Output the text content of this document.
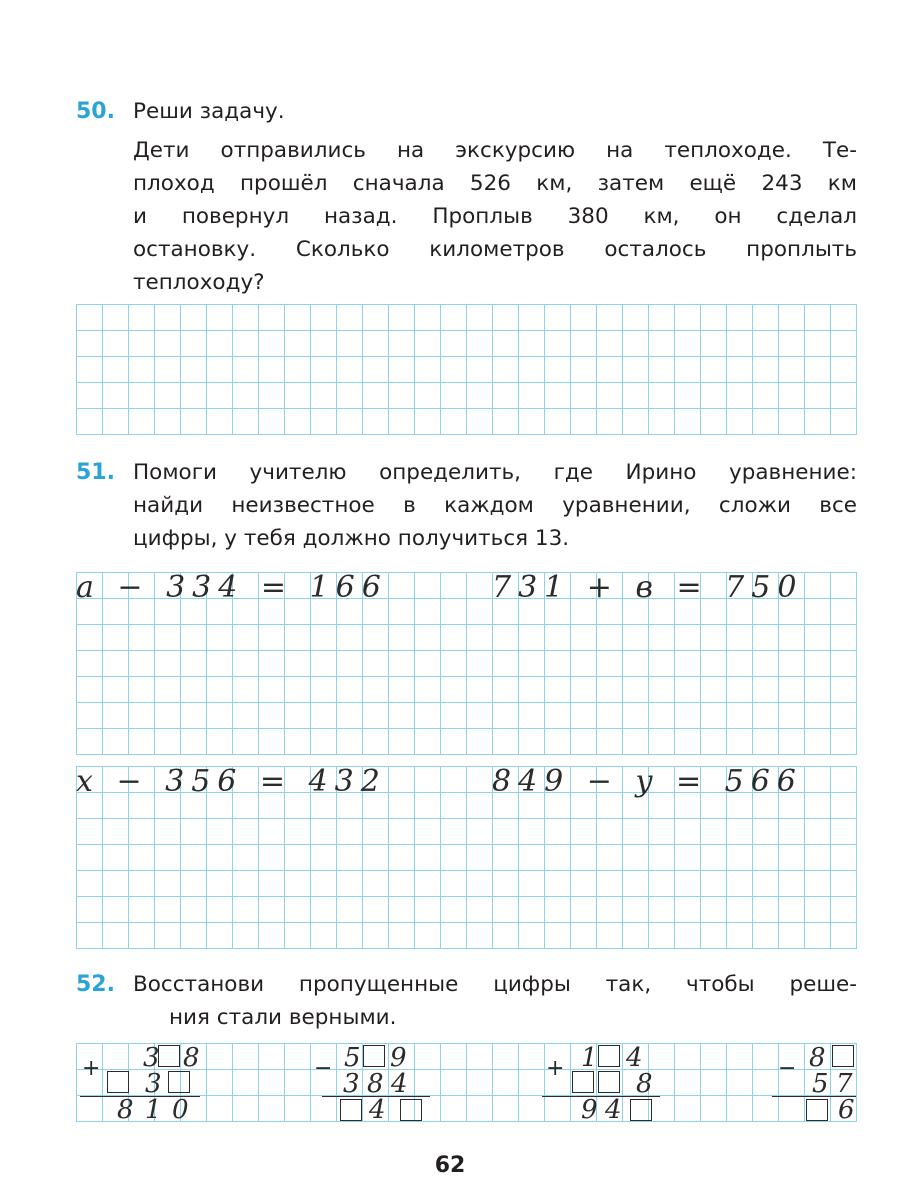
50. Реши задачу.
Дети отправились на экскурсию на теплоходе. Те-
плоход прошёл сначала 526 км, затем ещё 243 км
и повернул назад. Проплыв 380 км, он сделал
остановку. Сколько километров осталось проплыть
теплоходу?
51. Помоги учителю определить, где Ирино уравнение:
найди неизвестное в каждом уравнении, сложи все
цифры, у тебя должно получиться 13.
a − 334 = 166	731 + в = 750
x − 356 = 432	849 − y = 566
52. Восстанови пропущенные цифры так, чтобы реше-
ния стали верными.
+ 3 8
3
8 1 0
− 5 9
3 8 4
4
+ 1 4
8
9 4
− 8
5 7
6
62
